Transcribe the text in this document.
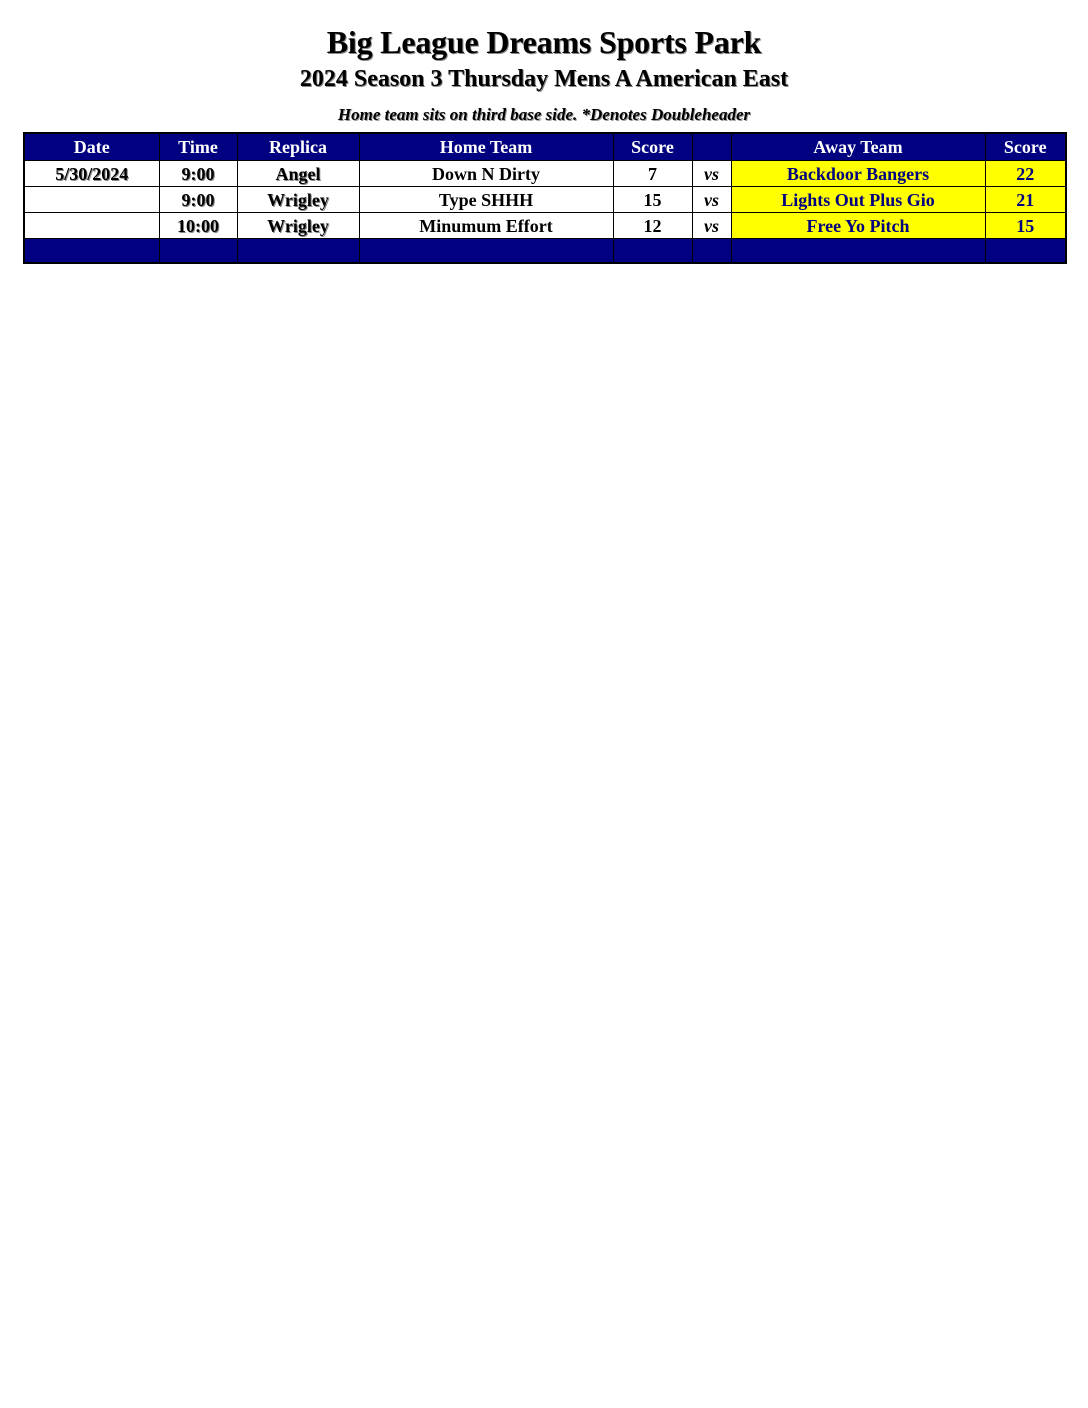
Big League Dreams Sports Park
2024 Season 3 Thursday Mens A American East
Home team sits on third base side. *Denotes Doubleheader
Date	Time	Replica	Home Team	Score		Away Team	Score
5/30/2024	9:00	Angel	Down N Dirty	7	vs	Backdoor Bangers	22
	9:00	Wrigley	Type SHHH	15	vs	Lights Out Plus Gio	21
	10:00	Wrigley	Minumum Effort	12	vs	Free Yo Pitch	15
